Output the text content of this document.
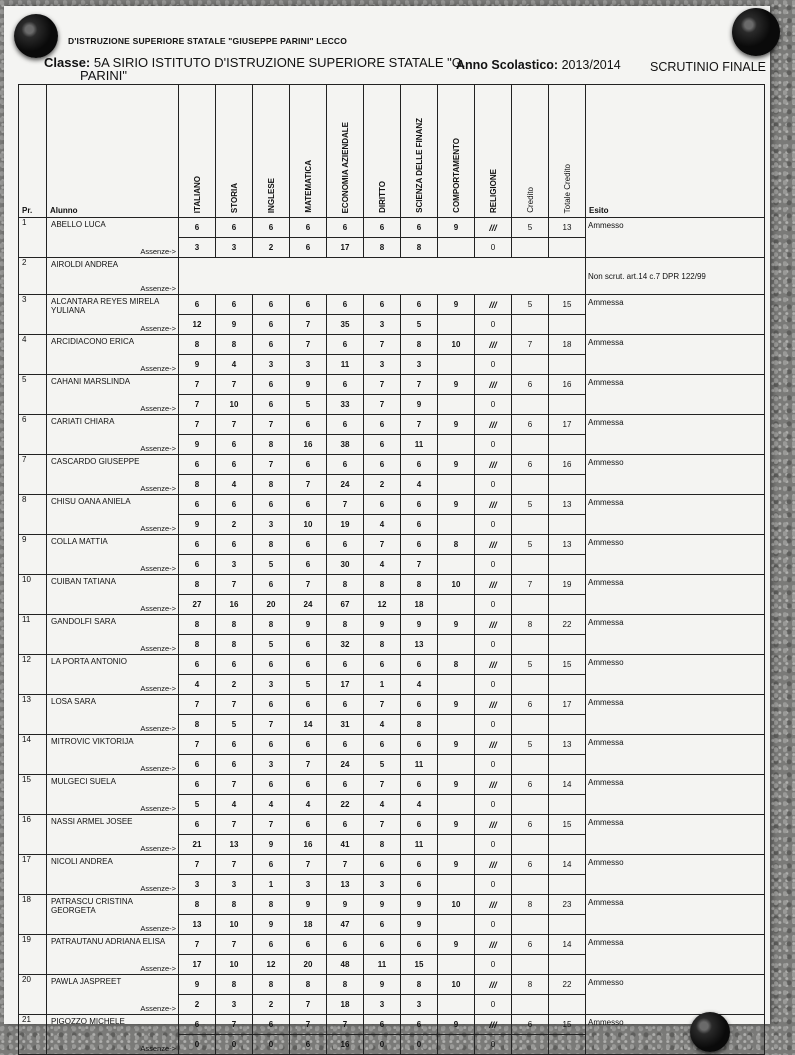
D'ISTRUZIONE SUPERIORE STATALE "GIUSEPPE PARINI" LECCO
Classe: 5A SIRIO ISTITUTO D'ISTRUZIONE SUPERIORE STATALE "G.
PARINI"
Anno Scolastico: 2013/2014 SCRUTINIO FINALE
Pr.	Alunno	ITALIANO	STORIA	INGLESE	MATEMATICA	ECONOMIA AZIENDALE	DIRITTO	SCIENZA DELLE FINANZ	COMPORTAMENTO	RELIGIONE	Credito	Totale Credito	Esito
1	ABELLO LUCA
Assenze->	6	6	6	6	6	6	6	9	///	5	13	Ammesso
		3	3	2	6	17	8	8		0			
2	AIROLDI ANDREA
Assenze->												Non scrut. art.14 c.7 DPR 122/99
3	ALCANTARA REYES MIRELA YULIANA
Assenze->	6	6	6	6	6	6	6	9	///	5	15	Ammessa
		12	9	6	7	35	3	5		0			
4	ARCIDIACONO ERICA
Assenze->	8	8	6	7	6	7	8	10	///	7	18	Ammessa
		9	4	3	3	11	3	3		0			
5	CAHANI MARSLINDA
Assenze->	7	7	6	9	6	7	7	9	///	6	16	Ammessa
		7	10	6	5	33	7	9		0			
6	CARIATI CHIARA
Assenze->	7	7	7	6	6	6	7	9	///	6	17	Ammessa
		9	6	8	16	38	6	11		0			
7	CASCARDO GIUSEPPE
Assenze->	6	6	7	6	6	6	6	9	///	6	16	Ammesso
		8	4	8	7	24	2	4		0			
8	CHISU OANA ANIELA
Assenze->	6	6	6	6	7	6	6	9	///	5	13	Ammessa
		9	2	3	10	19	4	6		0			
9	COLLA MATTIA
Assenze->	6	6	8	6	6	7	6	8	///	5	13	Ammesso
		6	3	5	6	30	4	7		0			
10	CUIBAN TATIANA
Assenze->	8	7	6	7	8	8	8	10	///	7	19	Ammessa
		27	16	20	24	67	12	18		0			
11	GANDOLFI SARA
Assenze->	8	8	8	9	8	9	9	9	///	8	22	Ammessa
		8	8	5	6	32	8	13		0			
12	LA PORTA ANTONIO
Assenze->	6	6	6	6	6	6	6	8	///	5	15	Ammesso
		4	2	3	5	17	1	4		0			
13	LOSA SARA
Assenze->	7	7	6	6	6	7	6	9	///	6	17	Ammessa
		8	5	7	14	31	4	8		0			
14	MITROVIC VIKTORIJA
Assenze->	7	6	6	6	6	6	6	9	///	5	13	Ammessa
		6	6	3	7	24	5	11		0			
15	MULGECI SUELA
Assenze->	6	7	6	6	6	7	6	9	///	6	14	Ammessa
		5	4	4	4	22	4	4		0			
16	NASSI ARMEL JOSEE
Assenze->	6	7	7	6	6	7	6	9	///	6	15	Ammessa
		21	13	9	16	41	8	11		0			
17	NICOLI ANDREA
Assenze->	7	7	6	7	7	6	6	9	///	6	14	Ammesso
		3	3	1	3	13	3	6		0			
18	PATRASCU CRISTINA GEORGETA
Assenze->	8	8	8	9	9	9	9	10	///	8	23	Ammessa
		13	10	9	18	47	6	9		0			
19	PATRAUTANU ADRIANA ELISA
Assenze->	7	7	6	6	6	6	6	9	///	6	14	Ammessa
		17	10	12	20	48	11	15		0			
20	PAWLA JASPREET
Assenze->	9	8	8	8	8	9	8	10	///	8	22	Ammesso
		2	3	2	7	18	3	3		0			
21	PIGOZZO MICHELE
Assenze->	6	7	6	7	7	6	6	9	///	6	15	Ammesso
		0	0	0	6	16	0	0		0			
